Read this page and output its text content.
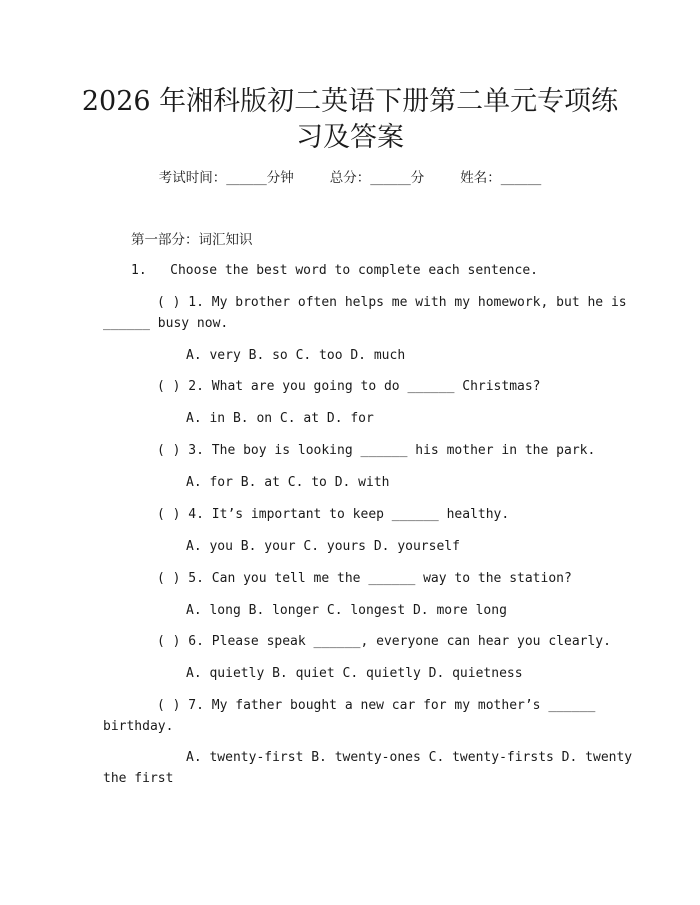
2026 年湘科版初二英语下册第二单元专项练
习及答案
考试时间：______分钟	总分：______分	姓名：______
第一部分：词汇知识
1.   Choose the best word to complete each sentence.
( ) 1. My brother often helps me with my homework, but he is
______ busy now.
A. very B. so C. too D. much
( ) 2. What are you going to do ______ Christmas?
A. in B. on C. at D. for
( ) 3. The boy is looking ______ his mother in the park.
A. for B. at C. to D. with
( ) 4. It’s important to keep ______ healthy.
A. you B. your C. yours D. yourself
( ) 5. Can you tell me the ______ way to the station?
A. long B. longer C. longest D. more long
( ) 6. Please speak ______, everyone can hear you clearly.
A. quietly B. quiet C. quietly D. quietness
( ) 7. My father bought a new car for my mother’s ______
birthday.
A. twenty-first B. twenty-ones C. twenty-firsts D. twenty
the first
